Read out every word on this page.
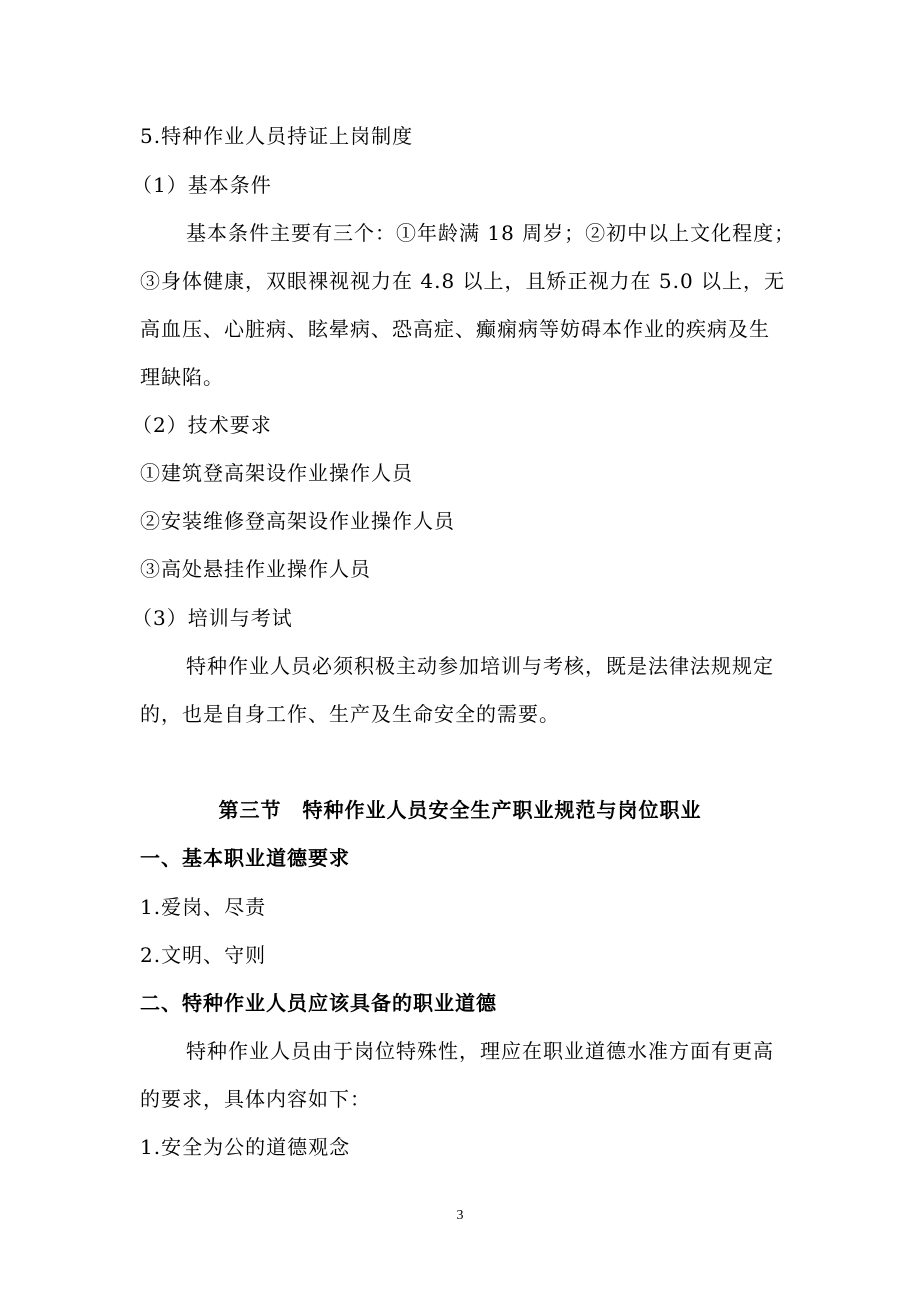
5.特种作业人员持证上岗制度
（1）基本条件
基本条件主要有三个：①年龄满 18 周岁；②初中以上文化程度；
③身体健康，双眼裸视视力在 4.8 以上，且矫正视力在 5.0 以上，无
高血压、心脏病、眩晕病、恐高症、癫痫病等妨碍本作业的疾病及生
理缺陷。
（2）技术要求
①建筑登高架设作业操作人员
②安装维修登高架设作业操作人员
③高处悬挂作业操作人员
（3）培训与考试
特种作业人员必须积极主动参加培训与考核，既是法律法规规定
的，也是自身工作、生产及生命安全的需要。
第三节　特种作业人员安全生产职业规范与岗位职业
一、基本职业道德要求
1.爱岗、尽责
2.文明、守则
二、特种作业人员应该具备的职业道德
特种作业人员由于岗位特殊性，理应在职业道德水准方面有更高
的要求，具体内容如下：
1.安全为公的道德观念
3
